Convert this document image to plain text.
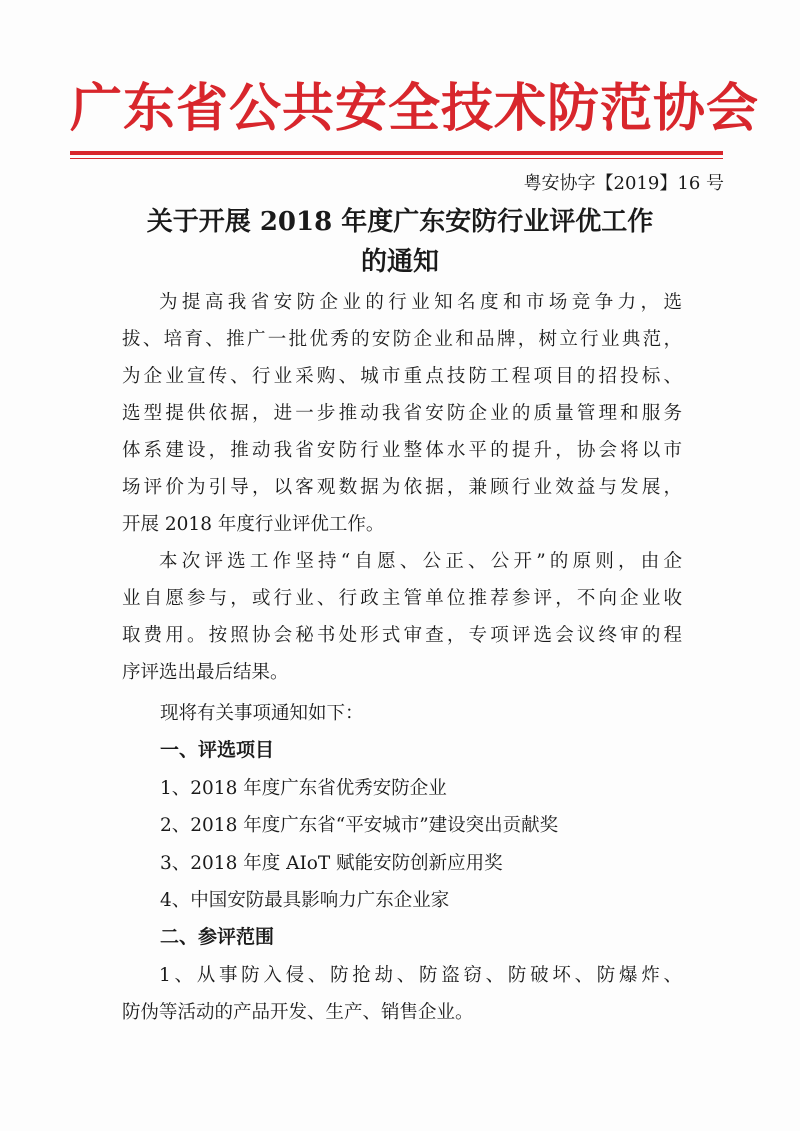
广东省公共安全技术防范协会
粤安协字【2019】16 号
关于开展 2018 年度广东安防行业评优工作
的通知
为提高我省安防企业的行业知名度和市场竞争力，选
拔、培育、推广一批优秀的安防企业和品牌，树立行业典范，
为企业宣传、行业采购、城市重点技防工程项目的招投标、
选型提供依据，进一步推动我省安防企业的质量管理和服务
体系建设，推动我省安防行业整体水平的提升，协会将以市
场评价为引导，以客观数据为依据，兼顾行业效益与发展，
开展 2018 年度行业评优工作。
本次评选工作坚持“自愿、公正、公开”的原则，由企
业自愿参与，或行业、行政主管单位推荐参评，不向企业收
取费用。按照协会秘书处形式审查，专项评选会议终审的程
序评选出最后结果。
现将有关事项通知如下：
一、评选项目
1、2018 年度广东省优秀安防企业
2、2018 年度广东省“平安城市”建设突出贡献奖
3、2018 年度 AIoT 赋能安防创新应用奖
4、中国安防最具影响力广东企业家
二、参评范围
1、从事防入侵、防抢劫、防盗窃、防破坏、防爆炸、
防伪等活动的产品开发、生产、销售企业。
